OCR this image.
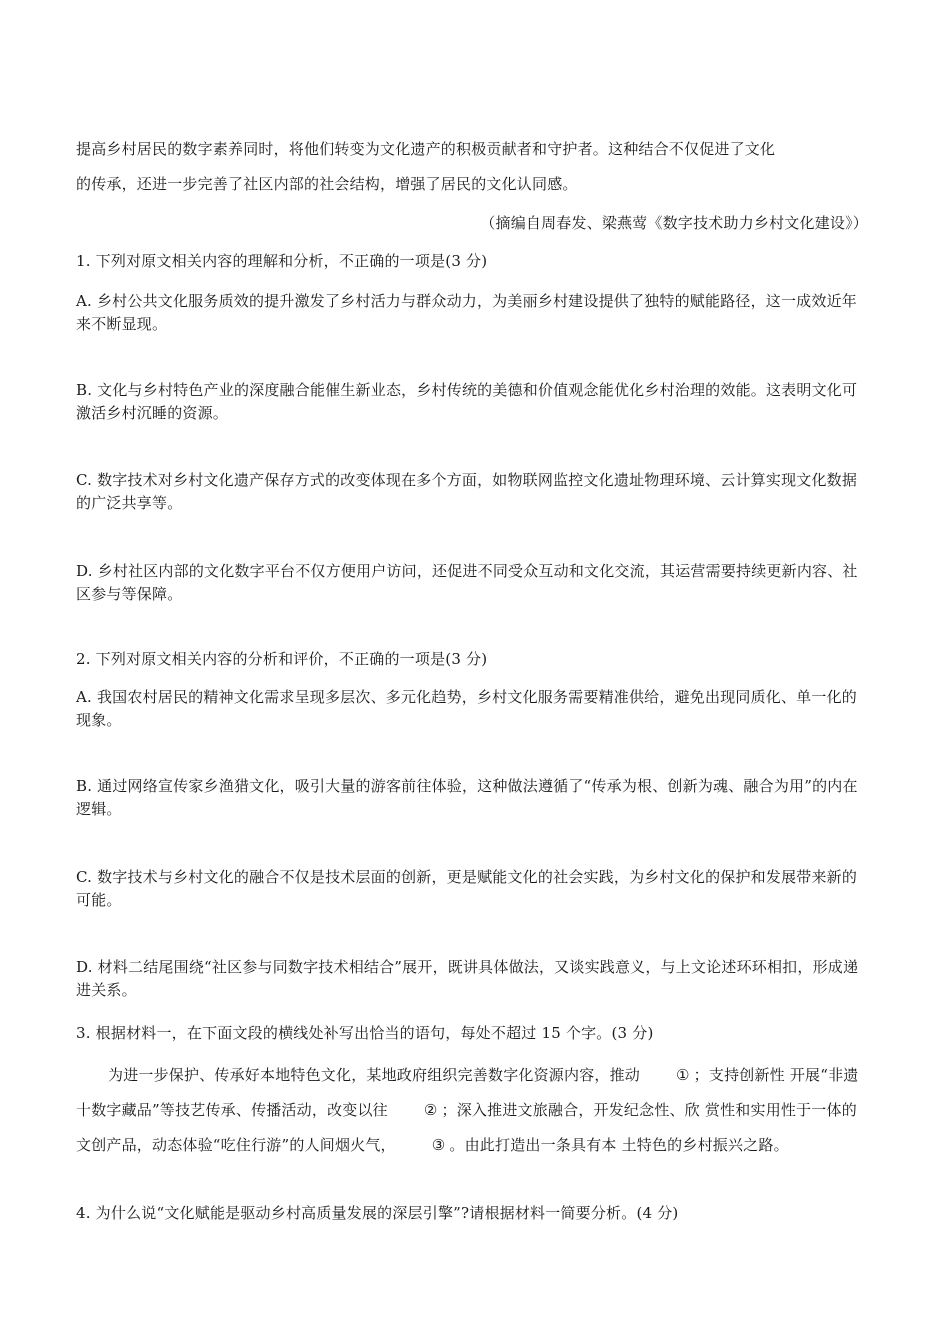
提高乡村居民的数字素养同时，将他们转变为文化遗产的积极贡献者和守护者。这种结合不仅促进了文化
的传承，还进一步完善了社区内部的社会结构，增强了居民的文化认同感。
（摘编自周春发、梁燕莺《数字技术助力乡村文化建设》）
1. 下列对原文相关内容的理解和分析，不正确的一项是(3 分)
A. 乡村公共文化服务质效的提升激发了乡村活力与群众动力，为美丽乡村建设提供了独特的赋能路径，这一成效近年来不断显现。
B. 文化与乡村特色产业的深度融合能催生新业态，乡村传统的美德和价值观念能优化乡村治理的效能。这表明文化可激活乡村沉睡的资源。
C. 数字技术对乡村文化遗产保存方式的改变体现在多个方面，如物联网监控文化遗址物理环境、云计算实现文化数据的广泛共享等。
D. 乡村社区内部的文化数字平台不仅方便用户访问，还促进不同受众互动和文化交流，其运营需要持续更新内容、社区参与等保障。
2. 下列对原文相关内容的分析和评价，不正确的一项是(3 分)
A. 我国农村居民的精神文化需求呈现多层次、多元化趋势，乡村文化服务需要精准供给，避免出现同质化、单一化的现象。
B. 通过网络宣传家乡渔猎文化，吸引大量的游客前往体验，这种做法遵循了“传承为根、创新为魂、融合为用”的内在逻辑。
C. 数字技术与乡村文化的融合不仅是技术层面的创新，更是赋能文化的社会实践，为乡村文化的保护和发展带来新的可能。
D. 材料二结尾围绕“社区参与同数字技术相结合”展开，既讲具体做法，又谈实践意义，与上文论述环环相扣，形成递进关系。
3. 根据材料一，在下面文段的横线处补写出恰当的语句，每处不超过 15 个字。(3 分)
为进一步保护、传承好本地特色文化，某地政府组织完善数字化资源内容，推动 ① ；支持创新性 开展“非遗十数字藏品”等技艺传承、传播活动，改变以往 ② ；深入推进文旅融合，开发纪念性、欣 赏性和实用性于一体的文创产品，动态体验“吃住行游”的人间烟火气， ③ 。由此打造出一条具有本 土特色的乡村振兴之路。
4. 为什么说“文化赋能是驱动乡村高质量发展的深层引擎”?请根据材料一简要分析。(4 分)
